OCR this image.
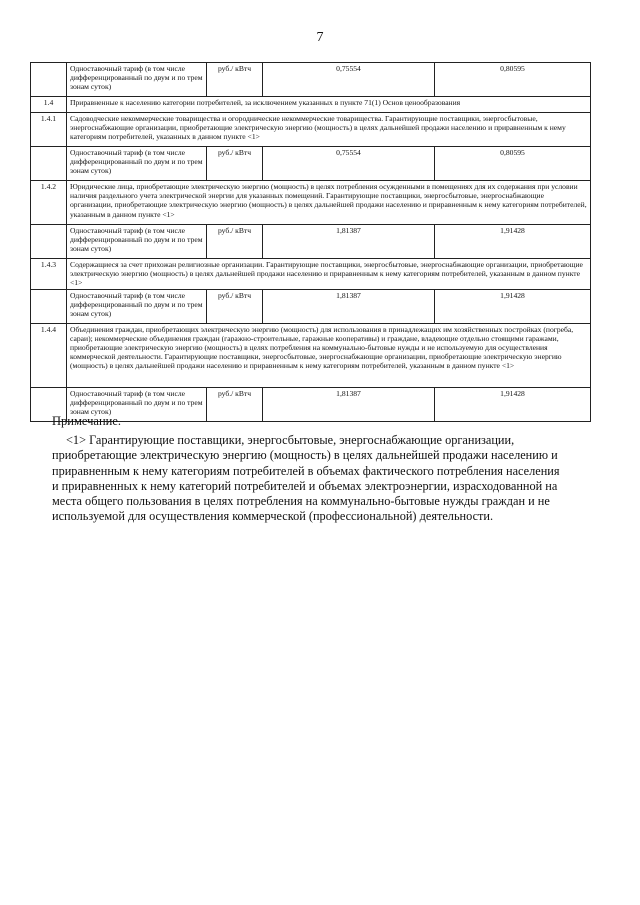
7
	Одноставочный тариф (в том числе дифференцированный по двум и по трем зонам суток)	руб./ кВтч	0,75554	0,80595
1.4	Приравненные к населению категории потребителей, за исключением указанных в пункте 71(1) Основ ценообразования			
1.4.1	Садоводческие некоммерческие товарищества и огороднические некоммерческие товарищества. Гарантирующие поставщики, энергосбытовые, энергоснабжающие организации, приобретающие электрическую энергию (мощность) в целях дальнейшей продажи населению и приравненным к нему категориям потребителей, указанных в данном пункте <1>			
	Одноставочный тариф (в том числе дифференцированный по двум и по трем зонам суток)	руб./ кВтч	0,75554	0,80595
1.4.2	Юридические лица, приобретающие электрическую энергию (мощность) в целях потребления осужденными в помещениях для их содержания при условии наличия раздельного учета электрической энергии для указанных помещений. Гарантирующие поставщики, энергосбытовые, энергоснабжающие организации, приобретающие электрическую энергию (мощность) в целях дальнейшей продажи населению и приравненным к нему категориям потребителей, указанным в данном пункте <1>			
	Одноставочный тариф (в том числе дифференцированный по двум и по трем зонам суток)	руб./ кВтч	1,81387	1,91428
1.4.3	Содержащиеся за счет прихожан религиозные организации. Гарантирующие поставщики, энергосбытовые, энергоснабжающие организации, приобретающие электрическую энергию (мощность) в целях дальнейшей продажи населению и приравненным к нему категориям потребителей, указанным в данном пункте <1>			
	Одноставочный тариф (в том числе дифференцированный по двум и по трем зонам суток)	руб./ кВтч	1,81387	1,91428
1.4.4	Объединения граждан, приобретающих электрическую энергию (мощность) для использования в принадлежащих им хозяйственных постройках (погреба, сараи); некоммерческие объединения граждан (гаражно-строительные, гаражные кооперативы) и граждане, владеющие отдельно стоящими гаражами, приобретающие электрическую энергию (мощность) в целях потребления на коммунально-бытовые нужды и не используемую для осуществления коммерческой деятельности. Гарантирующие поставщики, энергосбытовые, энергоснабжающие организации, приобретающие электрическую энергию (мощность) в целях дальнейшей продажи населению и приравненным к нему категориям потребителей, указанным в данном пункте <1>			
	Одноставочный тариф (в том числе дифференцированный по двум и по трем зонам суток)	руб./ кВтч	1,81387	1,91428
Примечание.

<1> Гарантирующие поставщики, энергосбытовые, энергоснабжающие организации, приобретающие электрическую энергию (мощность) в целях дальнейшей продажи населению и приравненным к нему категориям потребителей в объемах фактического потребления населения и приравненных к нему категорий потребителей и объемах электроэнергии, израсходованной на места общего пользования в целях потребления на коммунально-бытовые нужды граждан и не используемой для осуществления коммерческой (профессиональной) деятельности.
